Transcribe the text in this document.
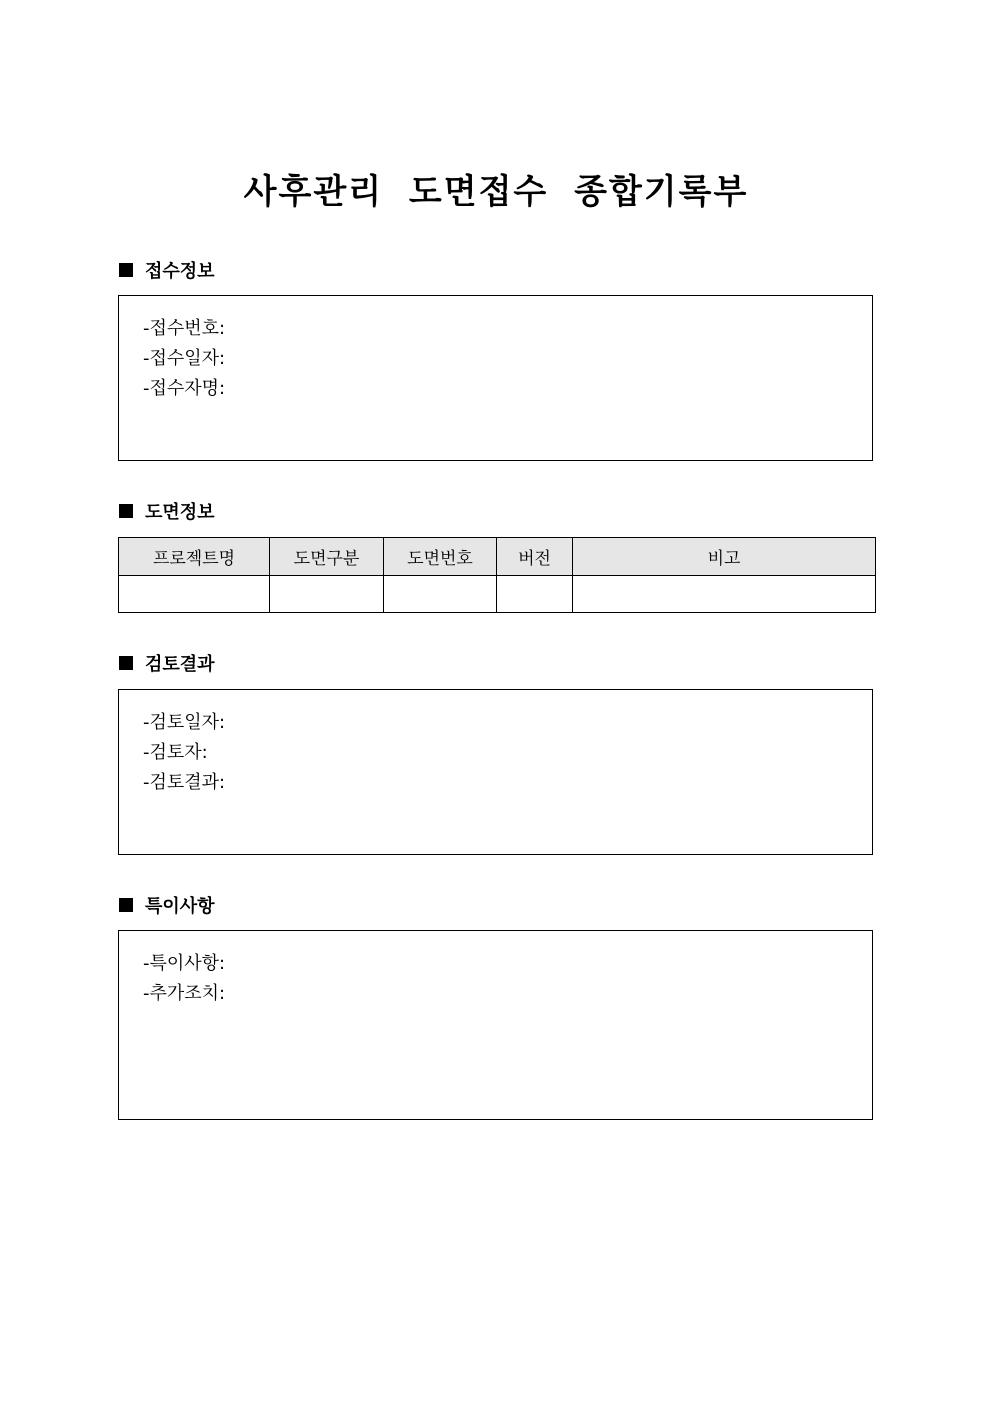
사후관리 도면접수 종합기록부
접수정보
-접수번호:
-접수일자:
-접수자명:
도면정보
프로젝트명	도면구분	도면번호	버전	비고

검토결과
-검토일자:
-검토자:
-검토결과:
특이사항
-특이사항:
-추가조치:
